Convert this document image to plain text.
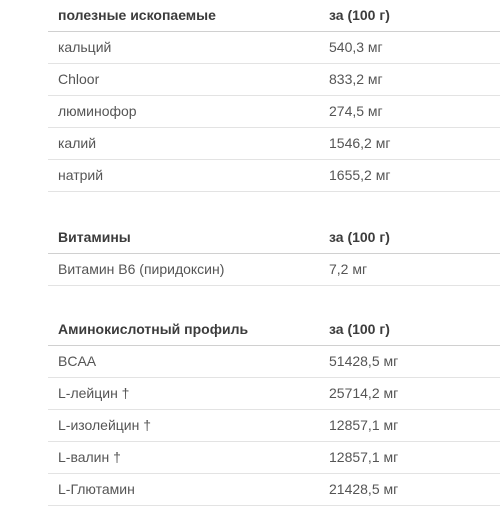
полезные ископаемые	за (100 г)
кальций	540,3 мг
Chloor	833,2 мг
люминофор	274,5 мг
калий	1546,2 мг
натрий	1655,2 мг
Витамины	за (100 г)
Витамин B6 (пиридоксин)	7,2 мг
Аминокислотный профиль	за (100 г)
BCAA	51428,5 мг
L-лейцин †	25714,2 мг
L-изолейцин †	12857,1 мг
L-валин †	12857,1 мг
L-Глютамин	21428,5 мг
